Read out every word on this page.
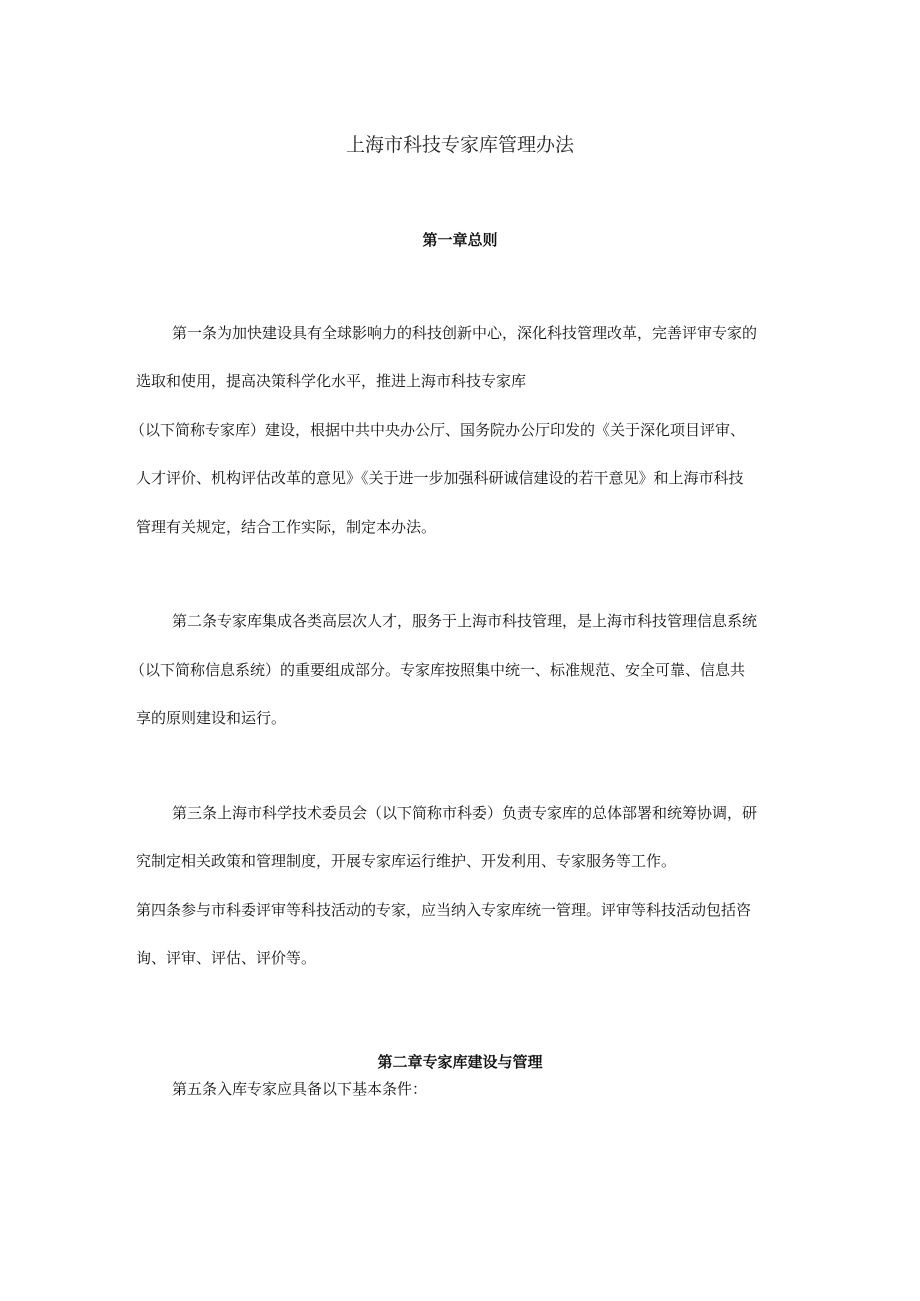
上海市科技专家库管理办法
第一章总则
第一条为加快建设具有全球影响力的科技创新中心，深化科技管理改革，完善评审专家的
选取和使用，提高决策科学化水平，推进上海市科技专家库
（以下简称专家库）建设，根据中共中央办公厅、国务院办公厅印发的《关于深化项目评审、
人才评价、机构评估改革的意见》《关于进一步加强科研诚信建设的若干意见》和上海市科技
管理有关规定，结合工作实际，制定本办法。
第二条专家库集成各类高层次人才，服务于上海市科技管理，是上海市科技管理信息系统
（以下简称信息系统）的重要组成部分。专家库按照集中统一、标准规范、安全可靠、信息共
享的原则建设和运行。
第三条上海市科学技术委员会（以下简称市科委）负责专家库的总体部署和统筹协调，研
究制定相关政策和管理制度，开展专家库运行维护、开发利用、专家服务等工作。
第四条参与市科委评审等科技活动的专家，应当纳入专家库统一管理。评审等科技活动包括咨
询、评审、评估、评价等。
第二章专家库建设与管理
第五条入库专家应具备以下基本条件：
